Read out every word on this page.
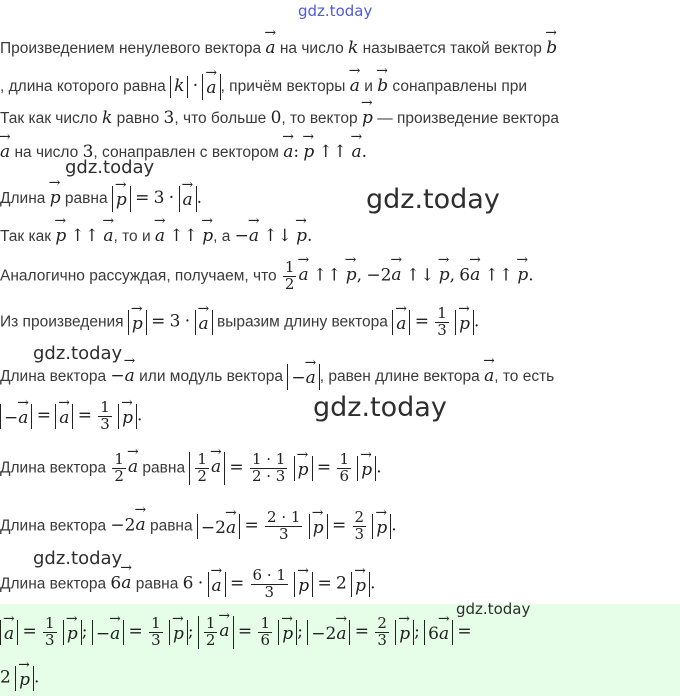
gdz.today
gdz.today
gdz.today
gdz.today
gdz.today
gdz.today
gdz.today
Произведением ненулевого вектора → a на число k называется такой вектор → b
, длина которого равна k · → a , причём векторы → a и → b сонаправлены при
Так как число k равно 3, что больше 0, то вектор → p — произведение вектора
→ a на число 3, сонаправлен с вектором → a: → p ↑↑ → a.
Длина → p равна → p = 3 · → a .
Так как → p ↑↑ → a, то и → a ↑↑ → p, а −→ a ↑↓ → p.
Аналогично рассуждая, получаем, что $\frac{1}{2}$
→ a ↑↑ → p, −2→ a ↑↓ → p, 6→ a ↑↑ → p.
Из произведения → p = 3 · → a выразим длину вектора → $a = \frac{1}{3}$
→ p .
Длина вектора −→ a или модуль вектора −→ a , равен длине вектора → a, то есть
−→ a = → $a = \frac{1}{3}$
→ p .
Длина вектора $\frac{1}{2}$
→ a равна $\frac{1}{2}$
→ $a = \frac{1 \cdot 1}{2 \cdot 3}$
→ $p = \frac{1}{6}$
→ p .
Длина вектора −2→ a равна $-2\to a = \frac{2 \cdot 1}{3}$
→ $p = \frac{2}{3}$
→ p .
Длина вектора 6→ a равна 6 · → $a = \frac{6 \cdot 1}{3}$
→ p = 2 → p .
→ $a = \frac{1}{3}$
→ p ; −→ $a = \frac{1}{3}$
→ p ; $\frac{1}{2}$
→ $a = \frac{1}{6}$
→ p ; $-2\to a = \frac{2}{3}$
→ p ; 6→ a =
2 → p .
